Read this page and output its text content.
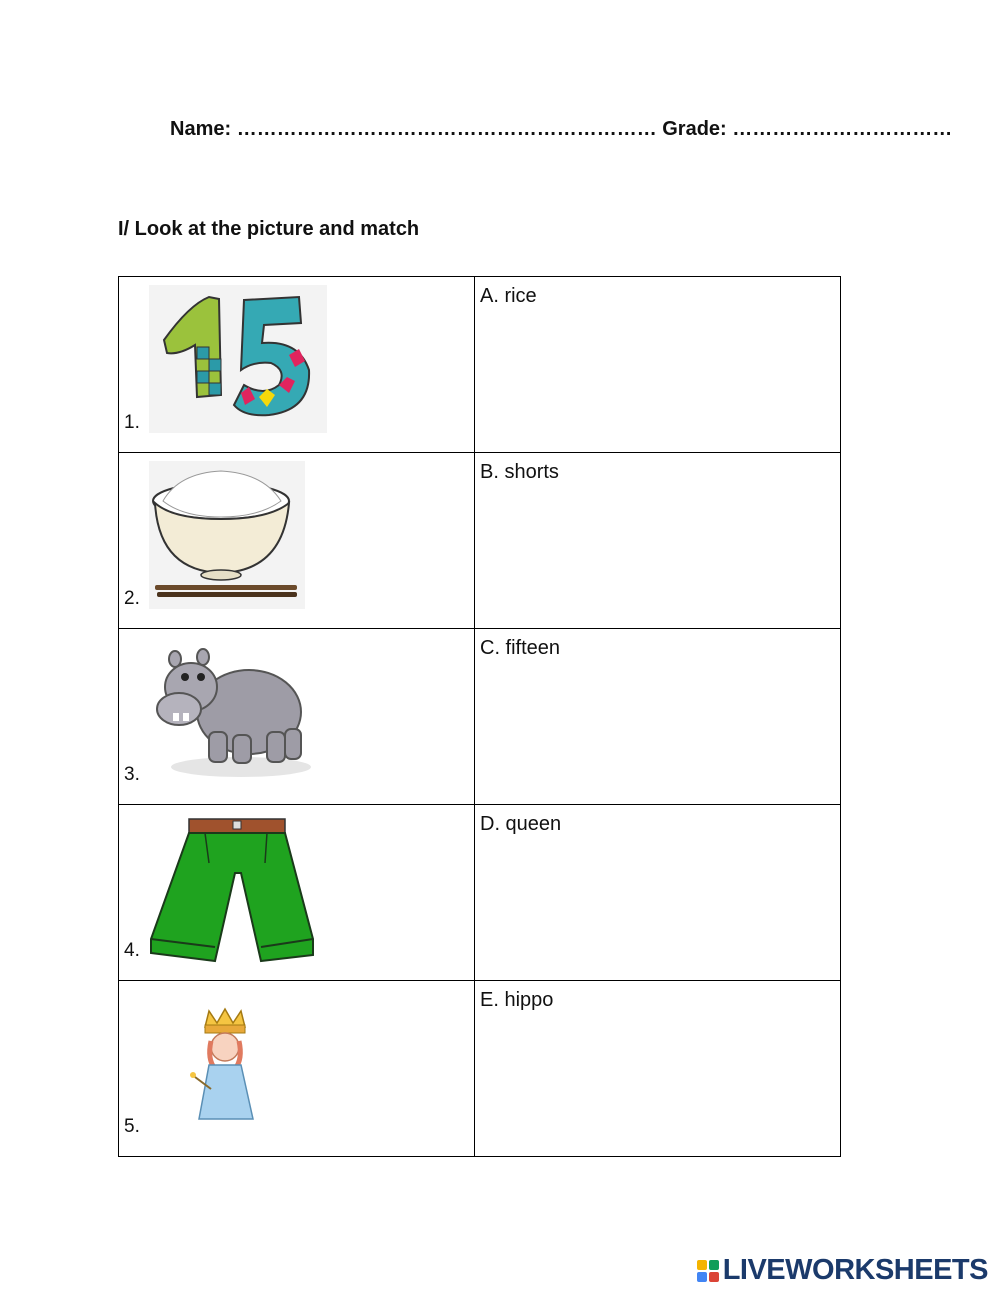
Name: ……………………………………………………… Grade: ……………………………
I/ Look at the picture and match
1.	A. rice

2.	B. shorts

3.	C. fifteen

4.	D. queen

5.	E. hippo
LIVEWORKSHEETS
